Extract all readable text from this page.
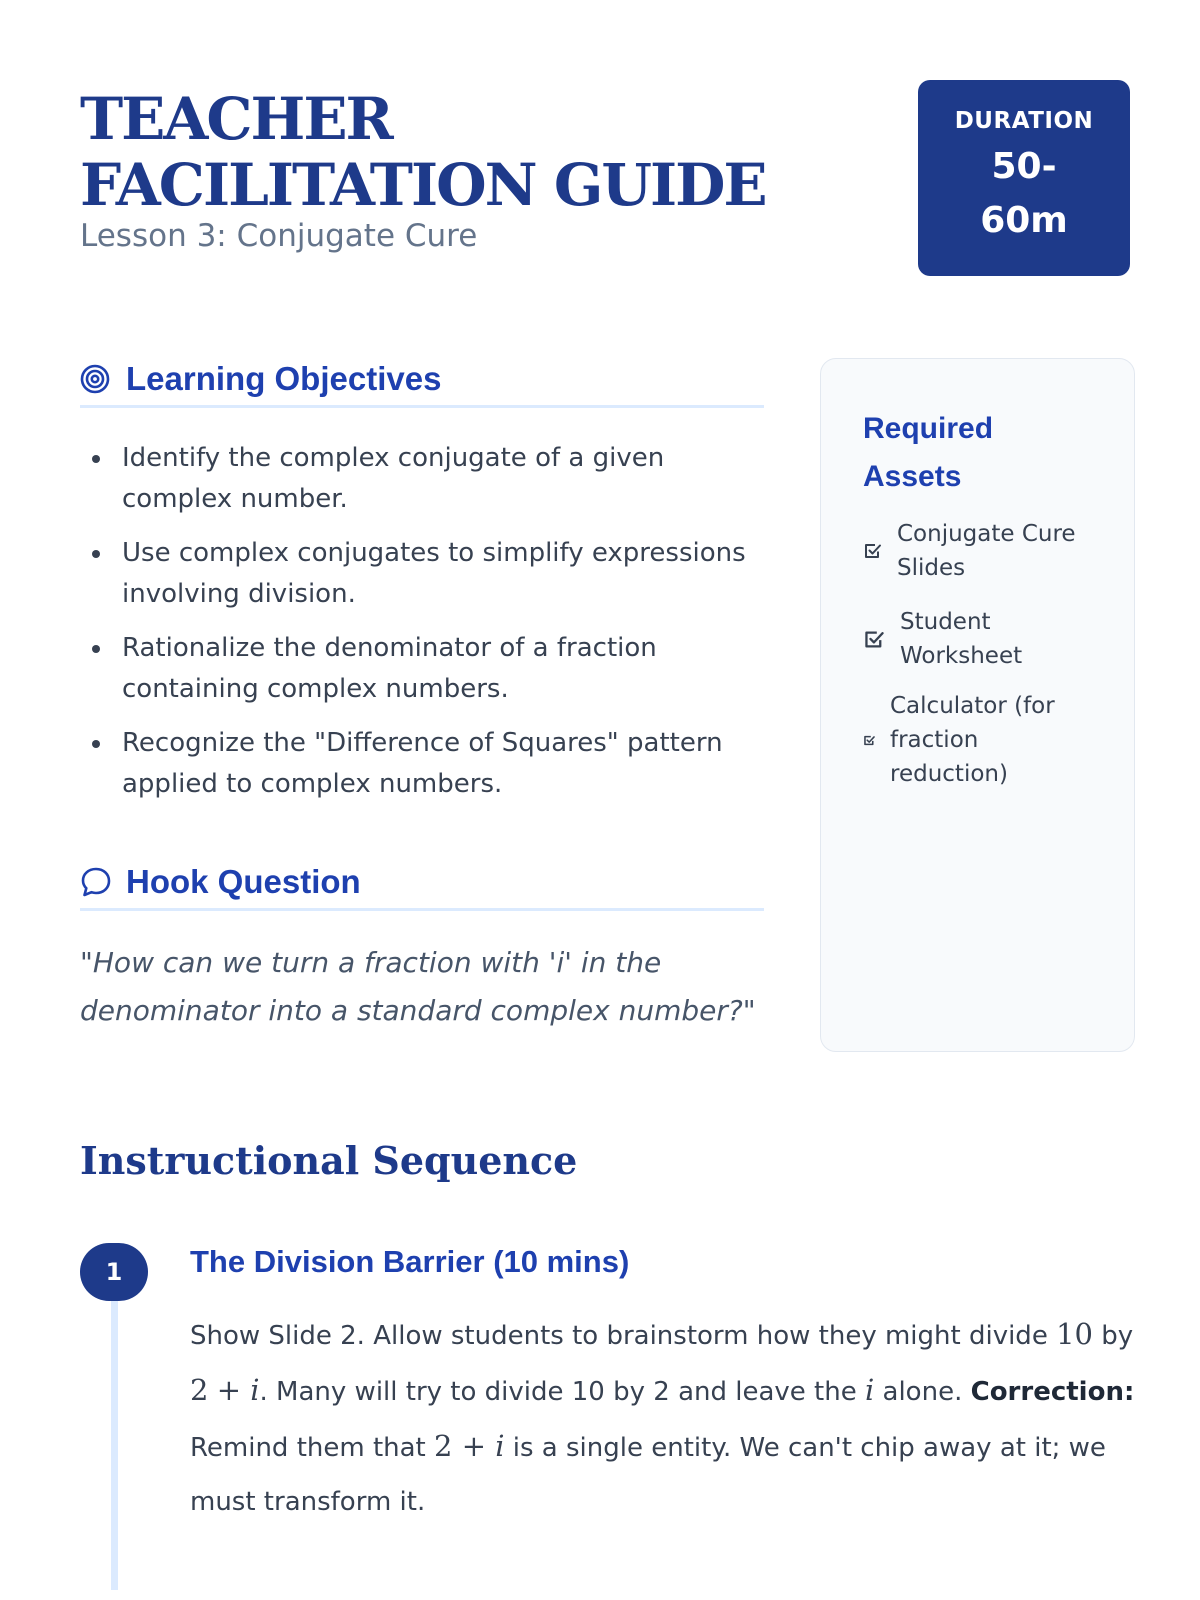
TEACHER FACILITATION GUIDE
Lesson 3: Conjugate Cure
DURATION
50-60m
Learning Objectives
Identify the complex conjugate of a given complex number.
Use complex conjugates to simplify expressions involving division.
Rationalize the denominator of a fraction containing complex numbers.
Recognize the "Difference of Squares" pattern applied to complex numbers.
Hook Question

"How can we turn a fraction with 'i' in the denominator into a standard complex number?"

Required Assets
Conjugate Cure Slides
Student Worksheet
Calculator (for fraction reduction)
Instructional Sequence
1	The Division Barrier (10 mins)

Show Slide 2. Allow students to brainstorm how they might divide 10 by 2 + i. Many will try to divide 10 by 2 and leave the i alone. Correction: Remind them that 2 + i is a single entity. We can't chip away at it; we must transform it.
